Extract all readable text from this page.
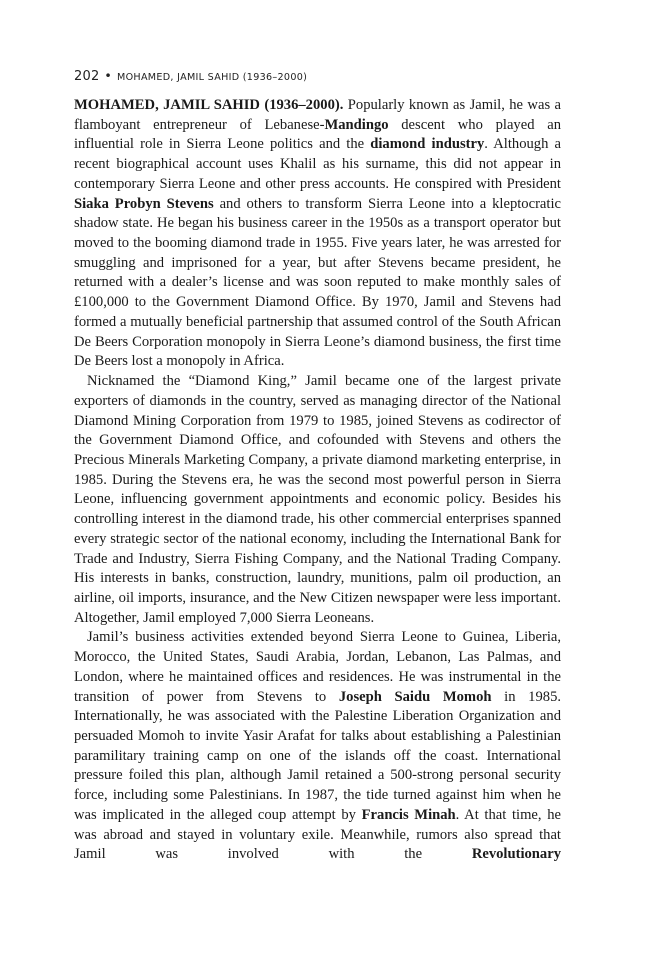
202 • MOHAMED, JAMIL SAHID (1936–2000)

MOHAMED, JAMIL SAHID (1936–2000). Popularly known as Jamil, he was a flamboyant entrepreneur of Lebanese-Mandingo descent who played an influential role in Sierra Leone politics and the diamond industry. Although a recent biographical account uses Khalil as his surname, this did not appear in contemporary Sierra Leone and other press accounts. He conspired with President Siaka Probyn Stevens and others to transform Sierra Leone into a kleptocratic shadow state. He began his business career in the 1950s as a transport operator but moved to the booming diamond trade in 1955. Five years later, he was arrested for smuggling and imprisoned for a year, but after Stevens became president, he returned with a dealer’s license and was soon reputed to make monthly sales of £100,000 to the Government Diamond Office. By 1970, Jamil and Stevens had formed a mutually beneficial partnership that assumed control of the South African De Beers Corporation monopoly in Sierra Leone’s diamond business, the first time De Beers lost a monopoly in Africa.

Nicknamed the “Diamond King,” Jamil became one of the largest private exporters of diamonds in the country, served as managing director of the National Diamond Mining Corporation from 1979 to 1985, joined Stevens as codirector of the Government Diamond Office, and cofounded with Stevens and others the Precious Minerals Marketing Company, a private diamond marketing enterprise, in 1985. During the Stevens era, he was the second most powerful person in Sierra Leone, influencing government appointments and economic policy. Besides his controlling interest in the diamond trade, his other commercial enterprises spanned every strategic sector of the national economy, including the International Bank for Trade and Industry, Sierra Fishing Company, and the National Trading Company. His interests in banks, construction, laundry, munitions, palm oil production, an airline, oil imports, insurance, and the New Citizen newspaper were less important. Altogether, Jamil employed 7,000 Sierra Leoneans.

Jamil’s business activities extended beyond Sierra Leone to Guinea, Liberia, Morocco, the United States, Saudi Arabia, Jordan, Lebanon, Las Palmas, and London, where he maintained offices and residences. He was instrumental in the transition of power from Stevens to Joseph Saidu Momoh in 1985. Internationally, he was associated with the Palestine Liberation Organization and persuaded Momoh to invite Yasir Arafat for talks about establishing a Palestinian paramilitary training camp on one of the islands off the coast. International pressure foiled this plan, although Jamil retained a 500-strong personal security force, including some Palestinians. In 1987, the tide turned against him when he was implicated in the alleged coup attempt by Francis Minah. At that time, he was abroad and stayed in voluntary exile. Meanwhile, rumors also spread that Jamil was involved with the Revolutionary
